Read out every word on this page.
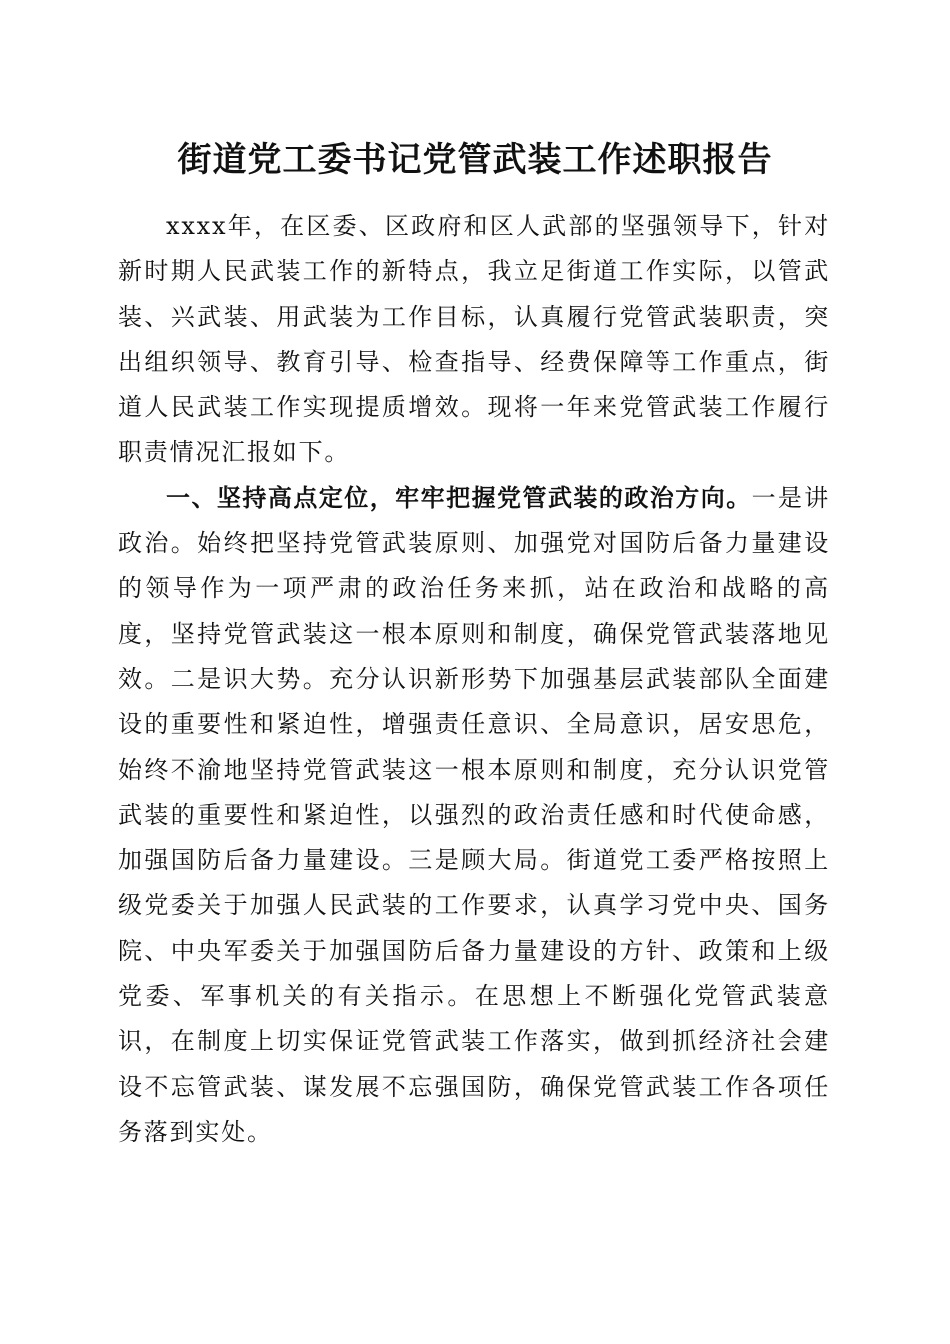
街道党工委书记党管武装工作述职报告

xxxx年，在区委、区政府和区人武部的坚强领导下，针对新时期人民武装工作的新特点，我立足街道工作实际，以管武装、兴武装、用武装为工作目标，认真履行党管武装职责，突出组织领导、教育引导、检查指导、经费保障等工作重点，街道人民武装工作实现提质增效。现将一年来党管武装工作履行职责情况汇报如下。

一、坚持高点定位，牢牢把握党管武装的政治方向。一是讲政治。始终把坚持党管武装原则、加强党对国防后备力量建设的领导作为一项严肃的政治任务来抓，站在政治和战略的高度，坚持党管武装这一根本原则和制度，确保党管武装落地见效。二是识大势。充分认识新形势下加强基层武装部队全面建设的重要性和紧迫性，增强责任意识、全局意识，居安思危，始终不渝地坚持党管武装这一根本原则和制度，充分认识党管武装的重要性和紧迫性，以强烈的政治责任感和时代使命感，加强国防后备力量建设。三是顾大局。街道党工委严格按照上级党委关于加强人民武装的工作要求，认真学习党中央、国务院、中央军委关于加强国防后备力量建设的方针、政策和上级党委、军事机关的有关指示。在思想上不断强化党管武装意识，在制度上切实保证党管武装工作落实，做到抓经济社会建设不忘管武装、谋发展不忘强国防，确保党管武装工作各项任务落到实处。
